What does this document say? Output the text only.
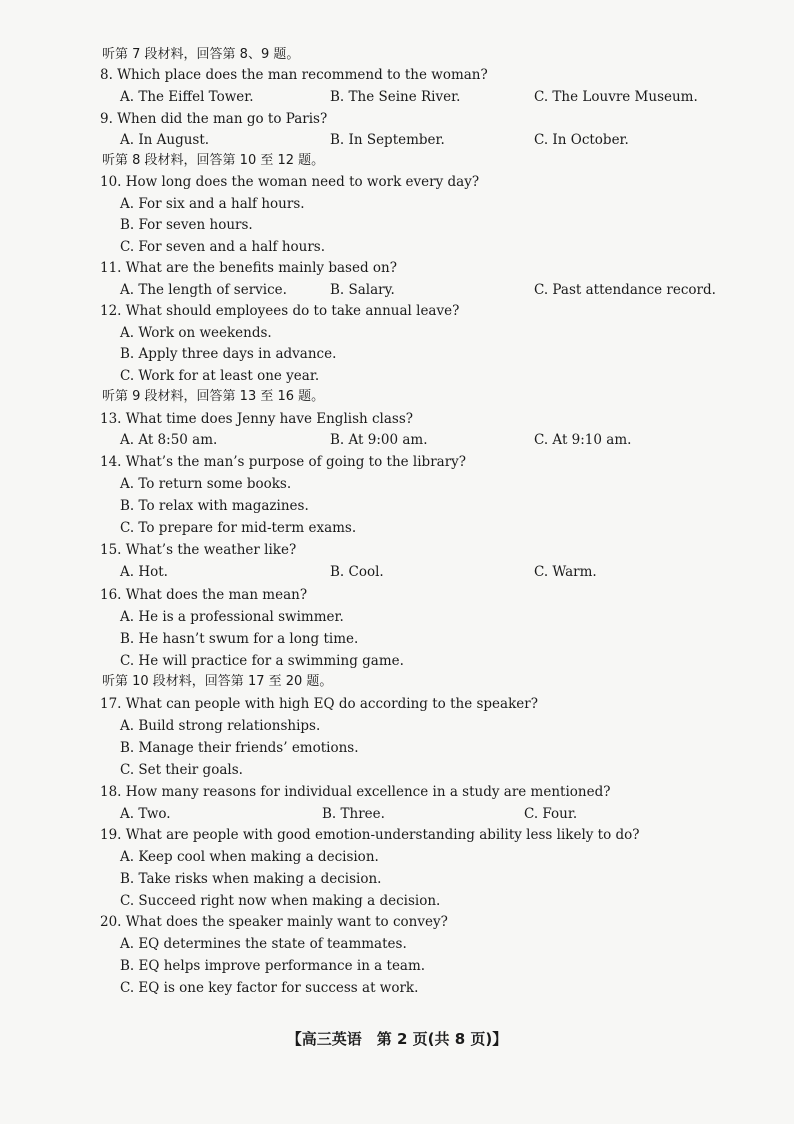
听第 7 段材料，回答第 8、9 题。
8. Which place does the man recommend to the woman?
A. The Eiffel Tower.	B. The Seine River.	C. The Louvre Museum.
9. When did the man go to Paris?
A. In August.	B. In September.	C. In October.
听第 8 段材料，回答第 10 至 12 题。
10. How long does the woman need to work every day?
A. For six and a half hours.
B. For seven hours.
C. For seven and a half hours.
11. What are the benefits mainly based on?
A. The length of service.	B. Salary.	C. Past attendance record.
12. What should employees do to take annual leave?
A. Work on weekends.
B. Apply three days in advance.
C. Work for at least one year.
听第 9 段材料，回答第 13 至 16 题。
13. What time does Jenny have English class?
A. At 8:50 am.	B. At 9:00 am.	C. At 9:10 am.
14. What’s the man’s purpose of going to the library?
A. To return some books.
B. To relax with magazines.
C. To prepare for mid-term exams.
15. What’s the weather like?
A. Hot.	B. Cool.	C. Warm.
16. What does the man mean?
A. He is a professional swimmer.
B. He hasn’t swum for a long time.
C. He will practice for a swimming game.
听第 10 段材料，回答第 17 至 20 题。
17. What can people with high EQ do according to the speaker?
A. Build strong relationships.
B. Manage their friends’ emotions.
C. Set their goals.
18. How many reasons for individual excellence in a study are mentioned?
A. Two.	B. Three.	C. Four.
19. What are people with good emotion-understanding ability less likely to do?
A. Keep cool when making a decision.
B. Take risks when making a decision.
C. Succeed right now when making a decision.
20. What does the speaker mainly want to convey?
A. EQ determines the state of teammates.
B. EQ helps improve performance in a team.
C. EQ is one key factor for success at work.
【高三英语　第 2 页(共 8 页)】
